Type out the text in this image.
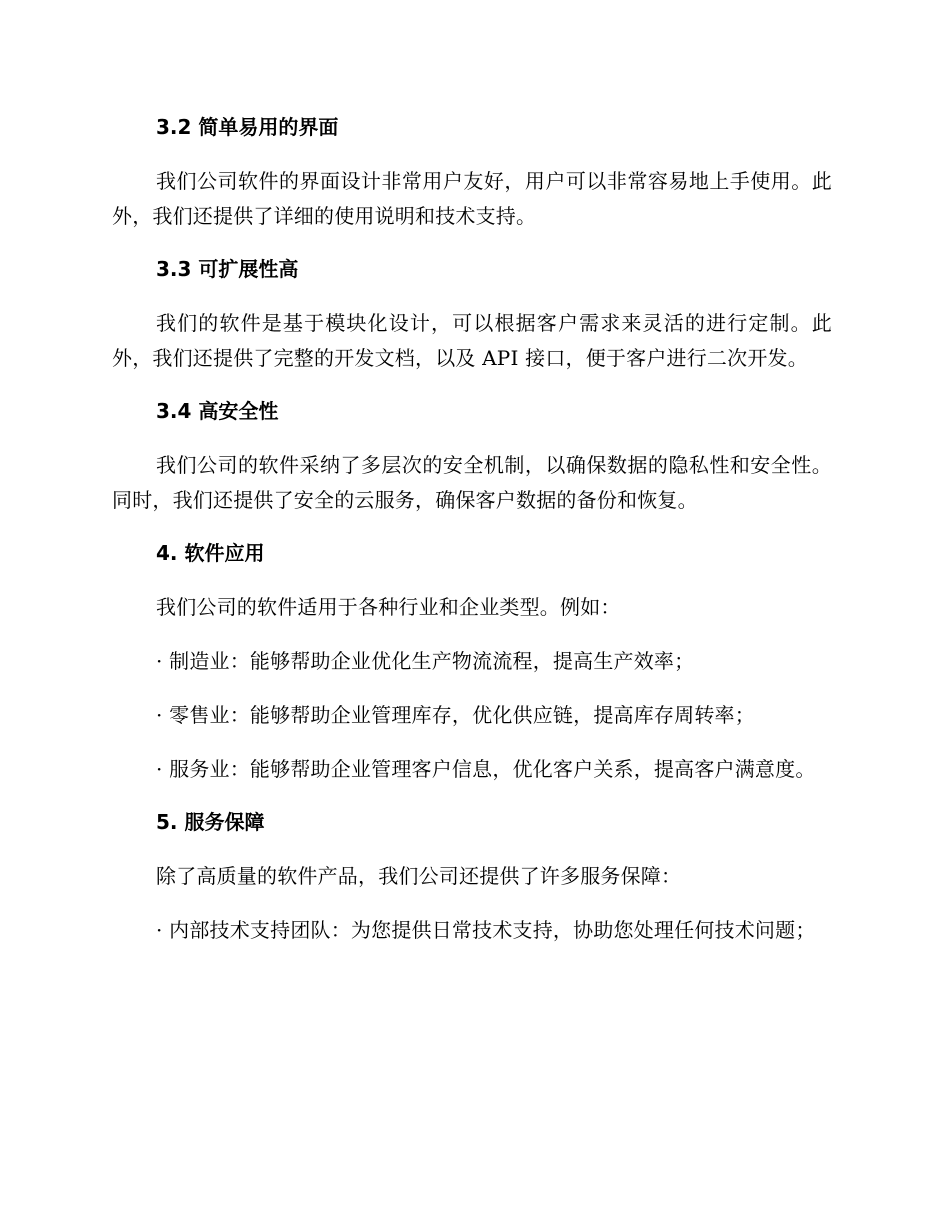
3.2 简单易用的界面

我们公司软件的界面设计非常用户友好，用户可以非常容易地上手使用。此外，我们还提供了详细的使用说明和技术支持。

3.3 可扩展性高

我们的软件是基于模块化设计，可以根据客户需求来灵活的进行定制。此外，我们还提供了完整的开发文档，以及 API 接口，便于客户进行二次开发。

3.4 高安全性

我们公司的软件采纳了多层次的安全机制，以确保数据的隐私性和安全性。同时，我们还提供了安全的云服务，确保客户数据的备份和恢复。

4. 软件应用

我们公司的软件适用于各种行业和企业类型。例如：

· 制造业：能够帮助企业优化生产物流流程，提高生产效率；

· 零售业：能够帮助企业管理库存，优化供应链，提高库存周转率；

· 服务业：能够帮助企业管理客户信息，优化客户关系，提高客户满意度。

5. 服务保障

除了高质量的软件产品，我们公司还提供了许多服务保障：

· 内部技术支持团队：为您提供日常技术支持，协助您处理任何技术问题；
